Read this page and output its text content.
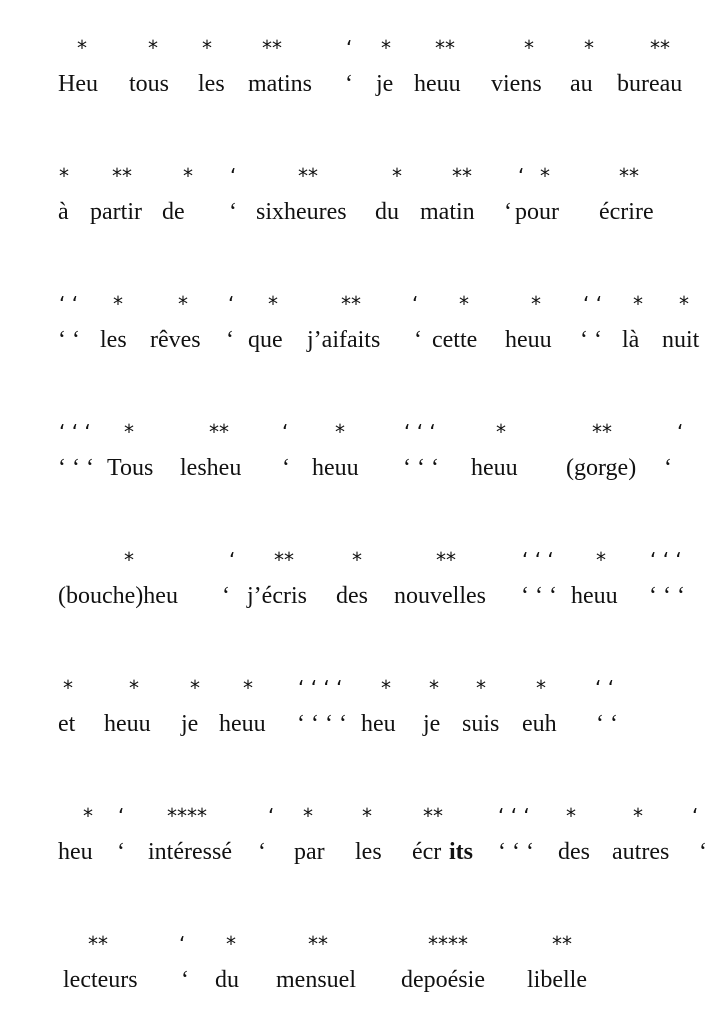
*	* *	**	‘ * **	*	*	**
Heu tous les matins ‘ je heuu viens au bureau
* **	* ‘	**	*	** ‘ *	**
à partir de ‘ sixheures du matin ‘ pour écrire
‘ ‘ *	* ‘ *	**	‘ *	* ‘ ‘ * *
‘ ‘ les rêves ‘ que j’aifaits ‘ cette heuu ‘ ‘ là nuit
‘ ‘ ‘ *	**	‘ *	‘ ‘ ‘	*	**	‘
‘ ‘ ‘ Tous lesheu ‘ heuu ‘ ‘ ‘ heuu (gorge) ‘
*	‘ **	*	**	‘ ‘ ‘ * ‘ ‘ ‘
(bouche)heu ‘ j’écris des nouvelles ‘ ‘ ‘ heuu ‘ ‘ ‘
*	*	* * ‘ ‘ ‘ ‘ * * *	* ‘ ‘
et heuu je heuu ‘ ‘ ‘ ‘ heu je suis euh ‘ ‘
* ‘ ****	‘ * *	**	‘ ‘ ‘ *	* ‘
heu ‘ intéressé ‘ par les écr its ‘ ‘ ‘ des autres ‘
**	‘ *	**	****	**
lecteurs ‘ du mensuel depoésie libelle
